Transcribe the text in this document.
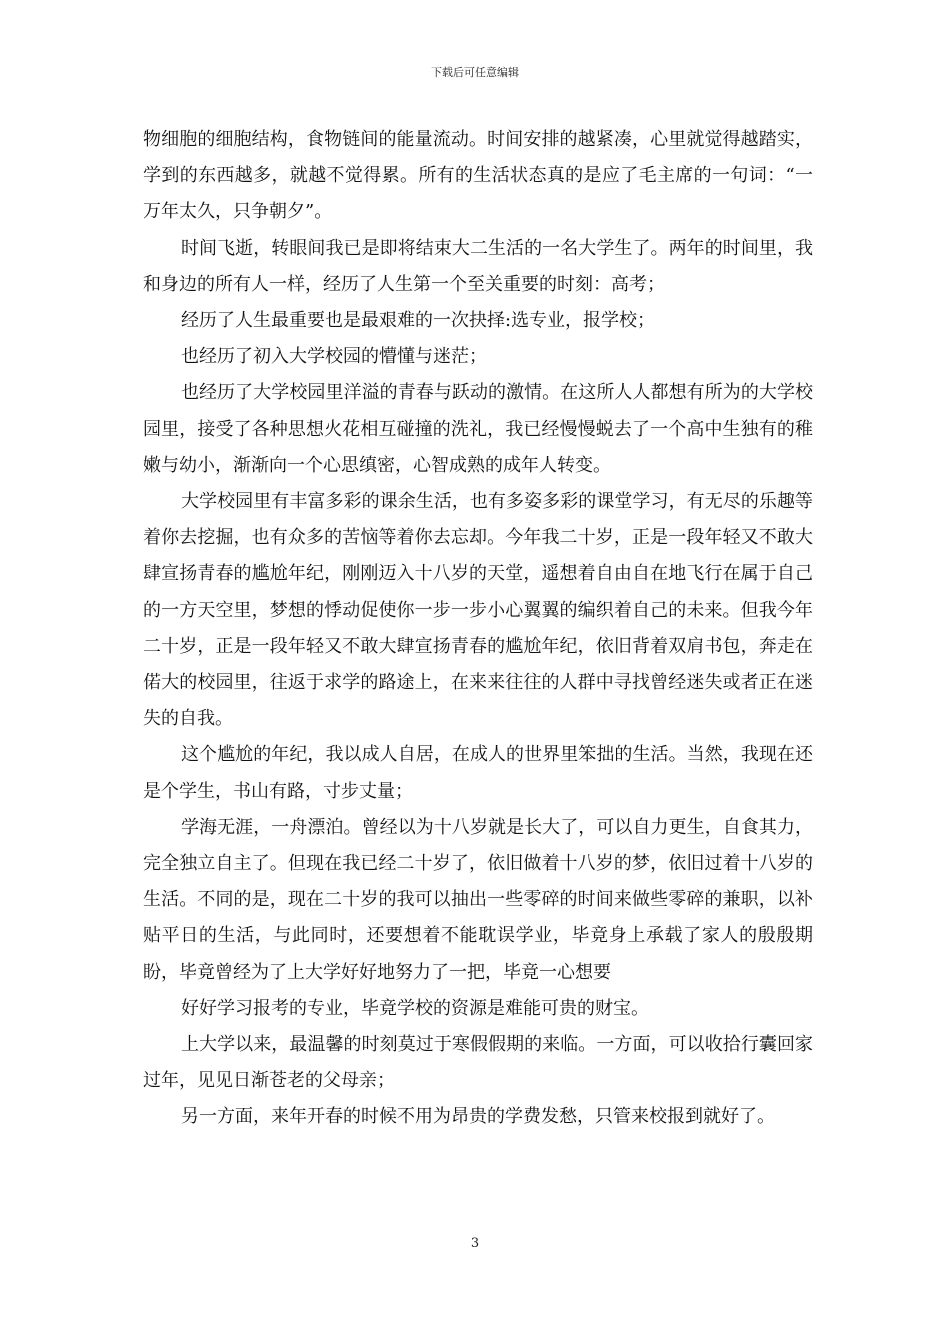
下载后可任意编辑

物细胞的细胞结构，食物链间的能量流动。时间安排的越紧凑，心里就觉得越踏实，学到的东西越多，就越不觉得累。所有的生活状态真的是应了毛主席的一句词：“一万年太久，只争朝夕”。

时间飞逝，转眼间我已是即将结束大二生活的一名大学生了。两年的时间里，我和身边的所有人一样，经历了人生第一个至关重要的时刻：高考；

经历了人生最重要也是最艰难的一次抉择:选专业，报学校；

也经历了初入大学校园的懵懂与迷茫；

也经历了大学校园里洋溢的青春与跃动的激情。在这所人人都想有所为的大学校园里，接受了各种思想火花相互碰撞的洗礼，我已经慢慢蜕去了一个高中生独有的稚嫩与幼小，渐渐向一个心思缜密，心智成熟的成年人转变。

大学校园里有丰富多彩的课余生活，也有多姿多彩的课堂学习，有无尽的乐趣等着你去挖掘，也有众多的苦恼等着你去忘却。今年我二十岁，正是一段年轻又不敢大肆宣扬青春的尴尬年纪，刚刚迈入十八岁的天堂，遥想着自由自在地飞行在属于自己的一方天空里，梦想的悸动促使你一步一步小心翼翼的编织着自己的未来。但我今年二十岁，正是一段年轻又不敢大肆宣扬青春的尴尬年纪，依旧背着双肩书包，奔走在偌大的校园里，往返于求学的路途上，在来来往往的人群中寻找曾经迷失或者正在迷失的自我。

这个尴尬的年纪，我以成人自居，在成人的世界里笨拙的生活。当然，我现在还是个学生，书山有路，寸步丈量；

学海无涯，一舟漂泊。曾经以为十八岁就是长大了，可以自力更生，自食其力，完全独立自主了。但现在我已经二十岁了，依旧做着十八岁的梦，依旧过着十八岁的生活。不同的是，现在二十岁的我可以抽出一些零碎的时间来做些零碎的兼职，以补贴平日的生活，与此同时，还要想着不能耽误学业，毕竟身上承载了家人的殷殷期盼，毕竟曾经为了上大学好好地努力了一把，毕竟一心想要

好好学习报考的专业，毕竟学校的资源是难能可贵的财宝。

上大学以来，最温馨的时刻莫过于寒假假期的来临。一方面，可以收拾行囊回家过年，见见日渐苍老的父母亲；

另一方面，来年开春的时候不用为昂贵的学费发愁，只管来校报到就好了。

3
